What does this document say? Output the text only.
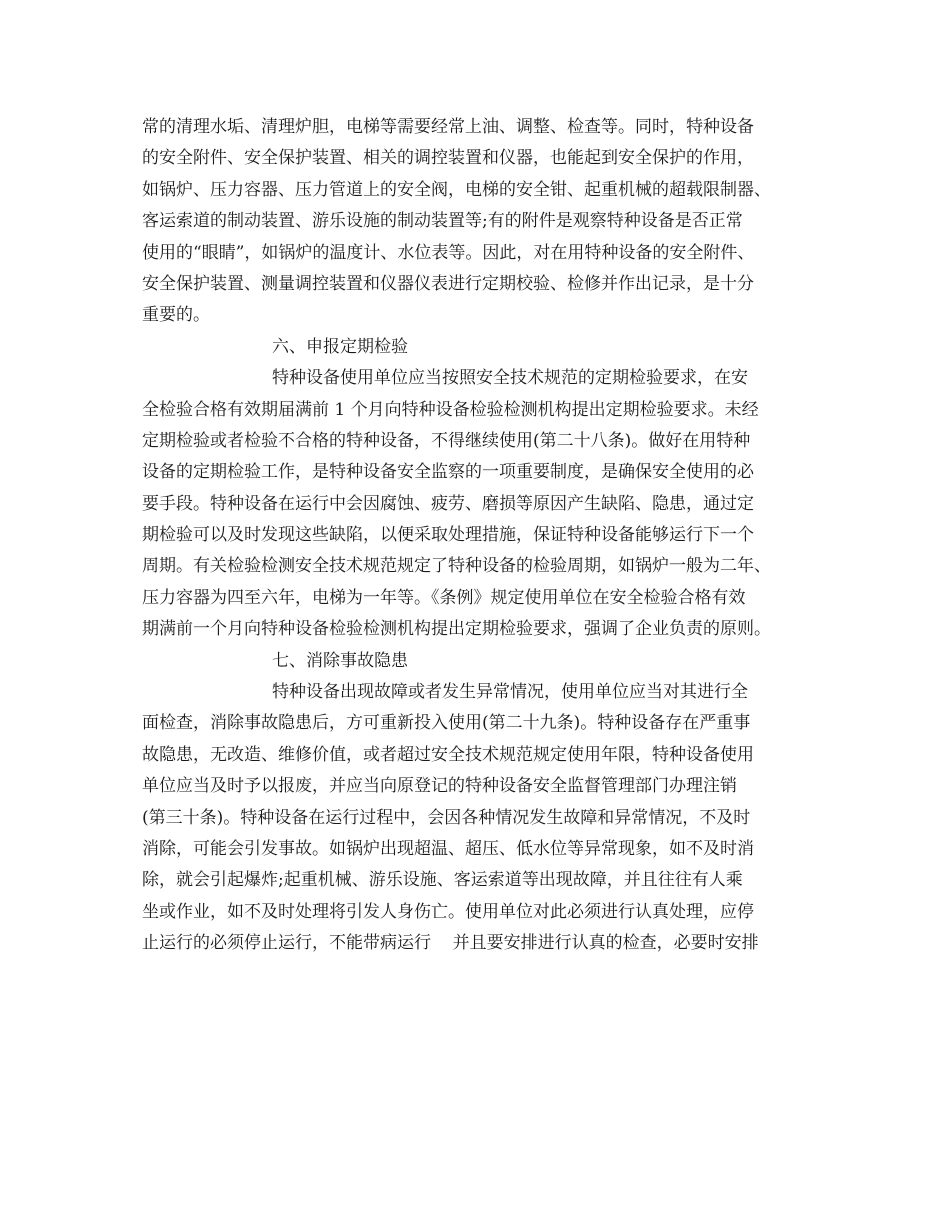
常的清理水垢、清理炉胆，电梯等需要经常上油、调整、检查等。同时，特种设备
的安全附件、安全保护装置、相关的调控装置和仪器，也能起到安全保护的作用，
如锅炉、压力容器、压力管道上的安全阀，电梯的安全钳、起重机械的超载限制器、
客运索道的制动装置、游乐设施的制动装置等;有的附件是观察特种设备是否正常
使用的“眼睛”，如锅炉的温度计、水位表等。因此，对在用特种设备的安全附件、
安全保护装置、测量调控装置和仪器仪表进行定期校验、检修并作出记录，是十分
重要的。
六、申报定期检验
特种设备使用单位应当按照安全技术规范的定期检验要求，在安
全检验合格有效期届满前 1 个月向特种设备检验检测机构提出定期检验要求。未经
定期检验或者检验不合格的特种设备，不得继续使用(第二十八条)。做好在用特种
设备的定期检验工作，是特种设备安全监察的一项重要制度，是确保安全使用的必
要手段。特种设备在运行中会因腐蚀、疲劳、磨损等原因产生缺陷、隐患，通过定
期检验可以及时发现这些缺陷，以便采取处理措施，保证特种设备能够运行下一个
周期。有关检验检测安全技术规范规定了特种设备的检验周期，如锅炉一般为二年、
压力容器为四至六年，电梯为一年等。《条例》规定使用单位在安全检验合格有效
期满前一个月向特种设备检验检测机构提出定期检验要求，强调了企业负责的原则。
七、消除事故隐患
特种设备出现故障或者发生异常情况，使用单位应当对其进行全
面检查，消除事故隐患后，方可重新投入使用(第二十九条)。特种设备存在严重事
故隐患，无改造、维修价值，或者超过安全技术规范规定使用年限，特种设备使用
单位应当及时予以报废，并应当向原登记的特种设备安全监督管理部门办理注销
(第三十条)。特种设备在运行过程中，会因各种情况发生故障和异常情况，不及时
消除，可能会引发事故。如锅炉出现超温、超压、低水位等异常现象，如不及时消
除，就会引起爆炸;起重机械、游乐设施、客运索道等出现故障，并且往往有人乘
坐或作业，如不及时处理将引发人身伤亡。使用单位对此必须进行认真处理，应停
止运行的必须停止运行，不能带病运行    并且要安排进行认真的检查，必要时安排
